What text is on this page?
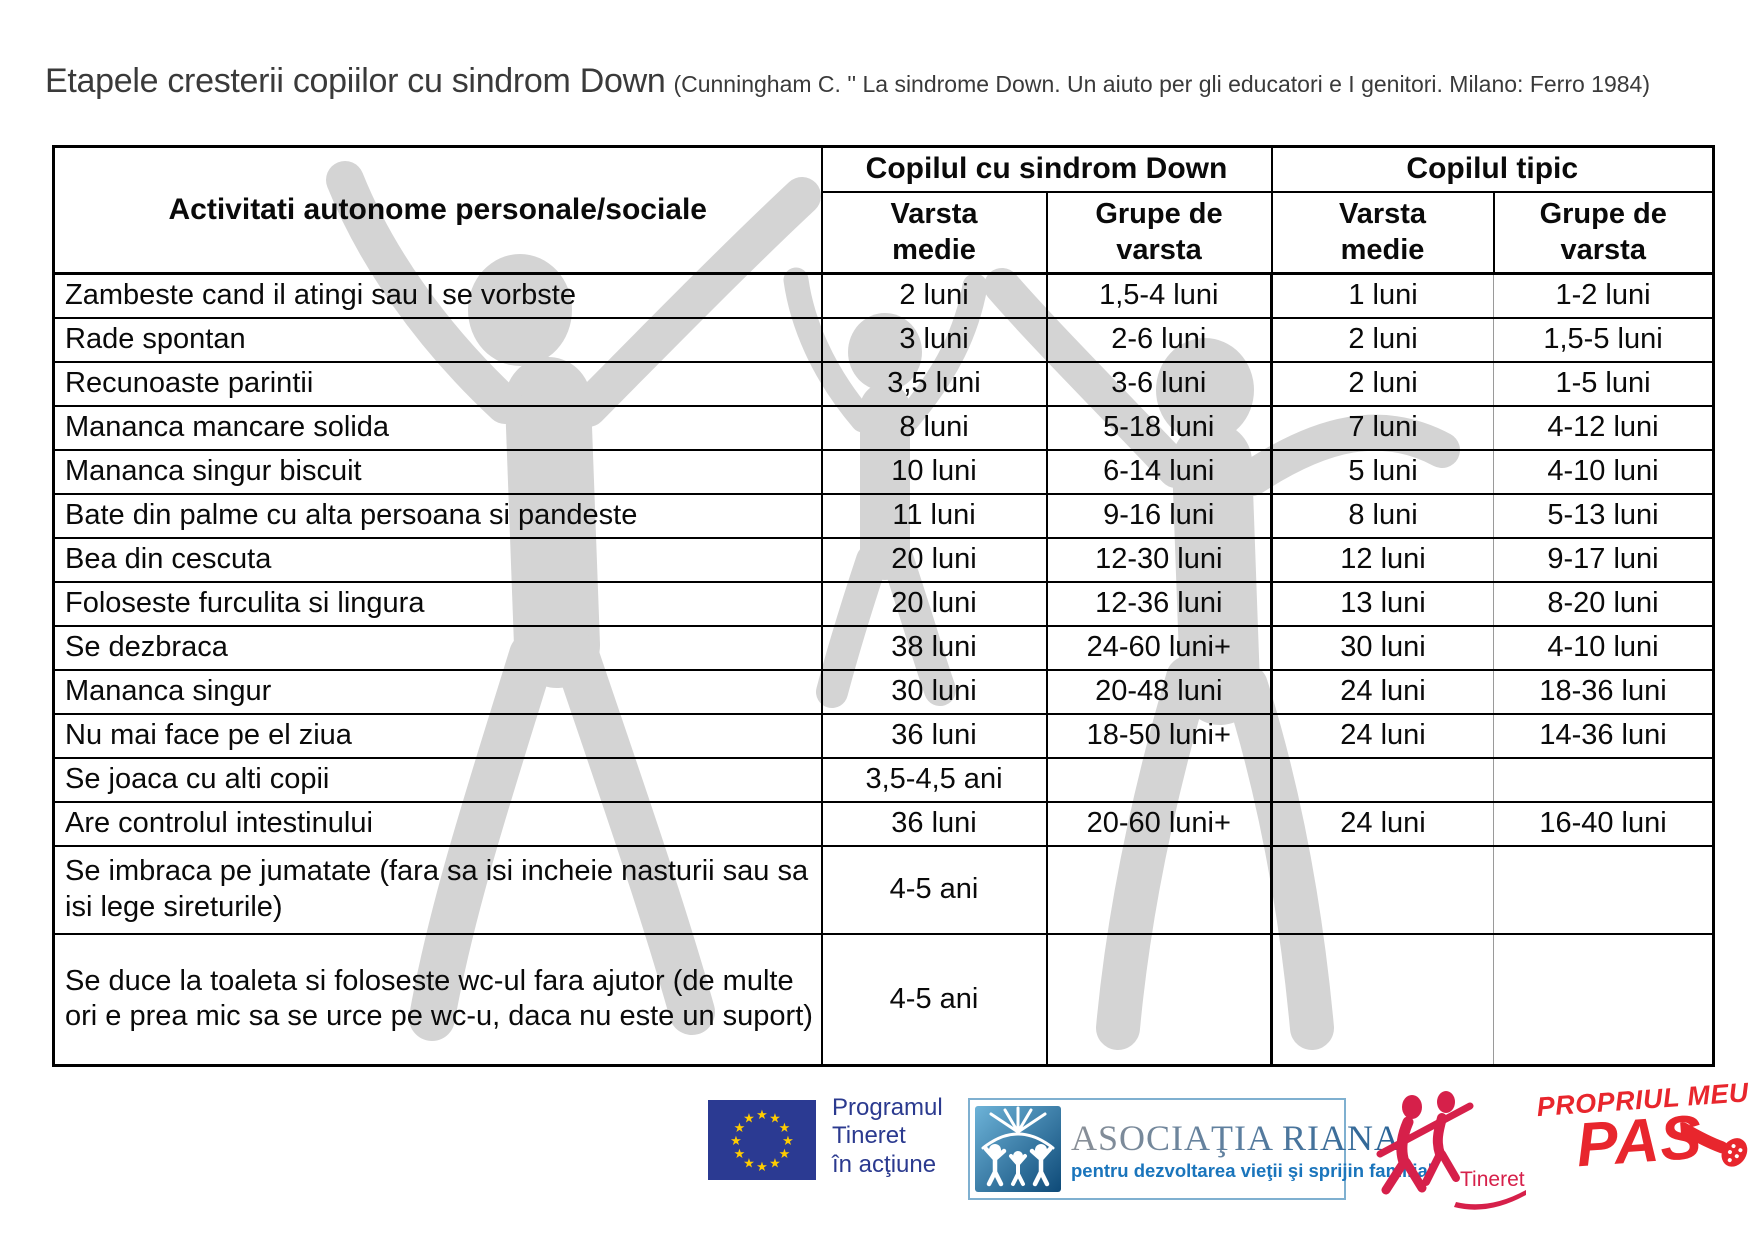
Etapele cresterii copiilor cu sindrom Down (Cunningham C. '' La sindrome Down. Un aiuto per gli educatori e I genitori. Milano: Ferro 1984)
Activitati autonome personale/sociale	Copilul cu sindrom Down		Copilul tipic	
	Varsta medie	Grupe de varsta	Varsta medie	Grupe de varsta
Zambeste cand il atingi sau I se vorbste	2 luni	1,5-4 luni	1 luni	1-2 luni
Rade spontan	3 luni	2-6 luni	2 luni	1,5-5 luni
Recunoaste parintii	3,5 luni	3-6 luni	2 luni	1-5 luni
Mananca mancare solida	8 luni	5-18 luni	7 luni	4-12 luni
Mananca singur biscuit	10 luni	6-14 luni	5 luni	4-10 luni
Bate din palme cu alta persoana si pandeste	11 luni	9-16 luni	8 luni	5-13 luni
Bea din cescuta	20 luni	12-30 luni	12 luni	9-17 luni
Foloseste furculita si lingura	20 luni	12-36 luni	13 luni	8-20 luni
Se dezbraca	38 luni	24-60 luni+	30 luni	4-10 luni
Mananca singur	30 luni	20-48 luni	24 luni	18-36 luni
Nu mai face pe el ziua	36 luni	18-50 luni+	24 luni	14-36 luni
Se joaca cu alti copii	3,5-4,5 ani			
Are controlul intestinului	36 luni	20-60 luni+	24 luni	16-40 luni
Se imbraca pe jumatate (fara sa isi incheie nasturii sau sa isi lege sireturile)	4-5 ani			
Se duce la toaleta si foloseste wc-ul fara ajutor (de multe ori e prea mic sa se urce pe wc-u, daca nu este un suport)	4-5 ani			
★ ★
★
★
★
★
★
★
★
★
★
★	Programul
Tineret
în acţiune
ASOCIAŢIA RIANA
pentru dezvoltarea vieţii şi sprijin familial Tineret
PROPRIUL MEU
PAS
